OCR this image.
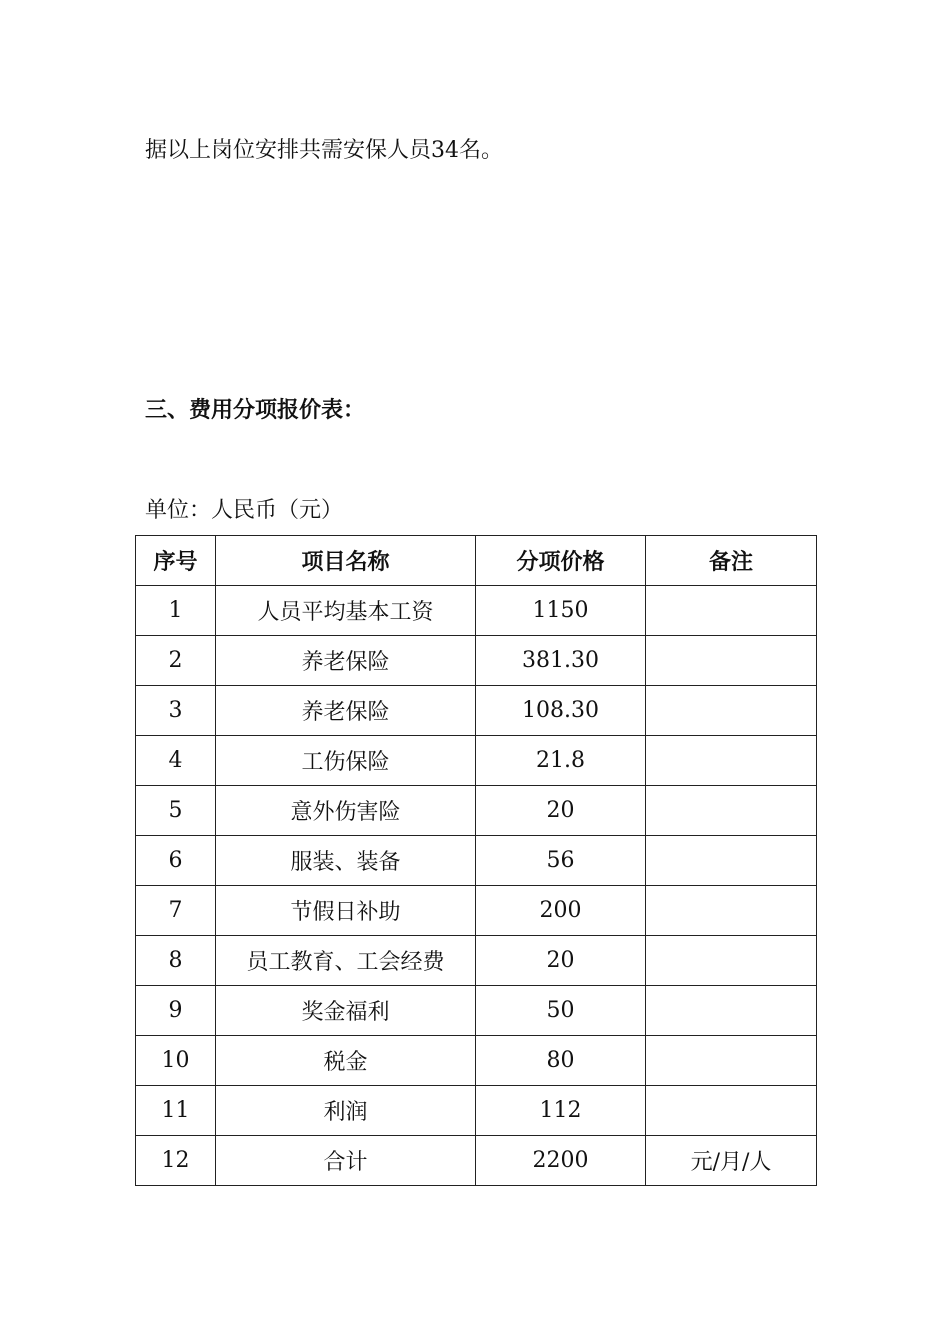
据以上岗位安排共需安保人员34名。
三、费用分项报价表：
单位：人民币（元）
序号	项目名称	分项价格	备注
1	人员平均基本工资	1150	
2	养老保险	381.30	
3	养老保险	108.30	
4	工伤保险	21.8	
5	意外伤害险	20	
6	服装、装备	56	
7	节假日补助	200	
8	员工教育、工会经费	20	
9	奖金福利	50	
10	税金	80	
11	利润	112	
12	合计	2200	元/月/人
